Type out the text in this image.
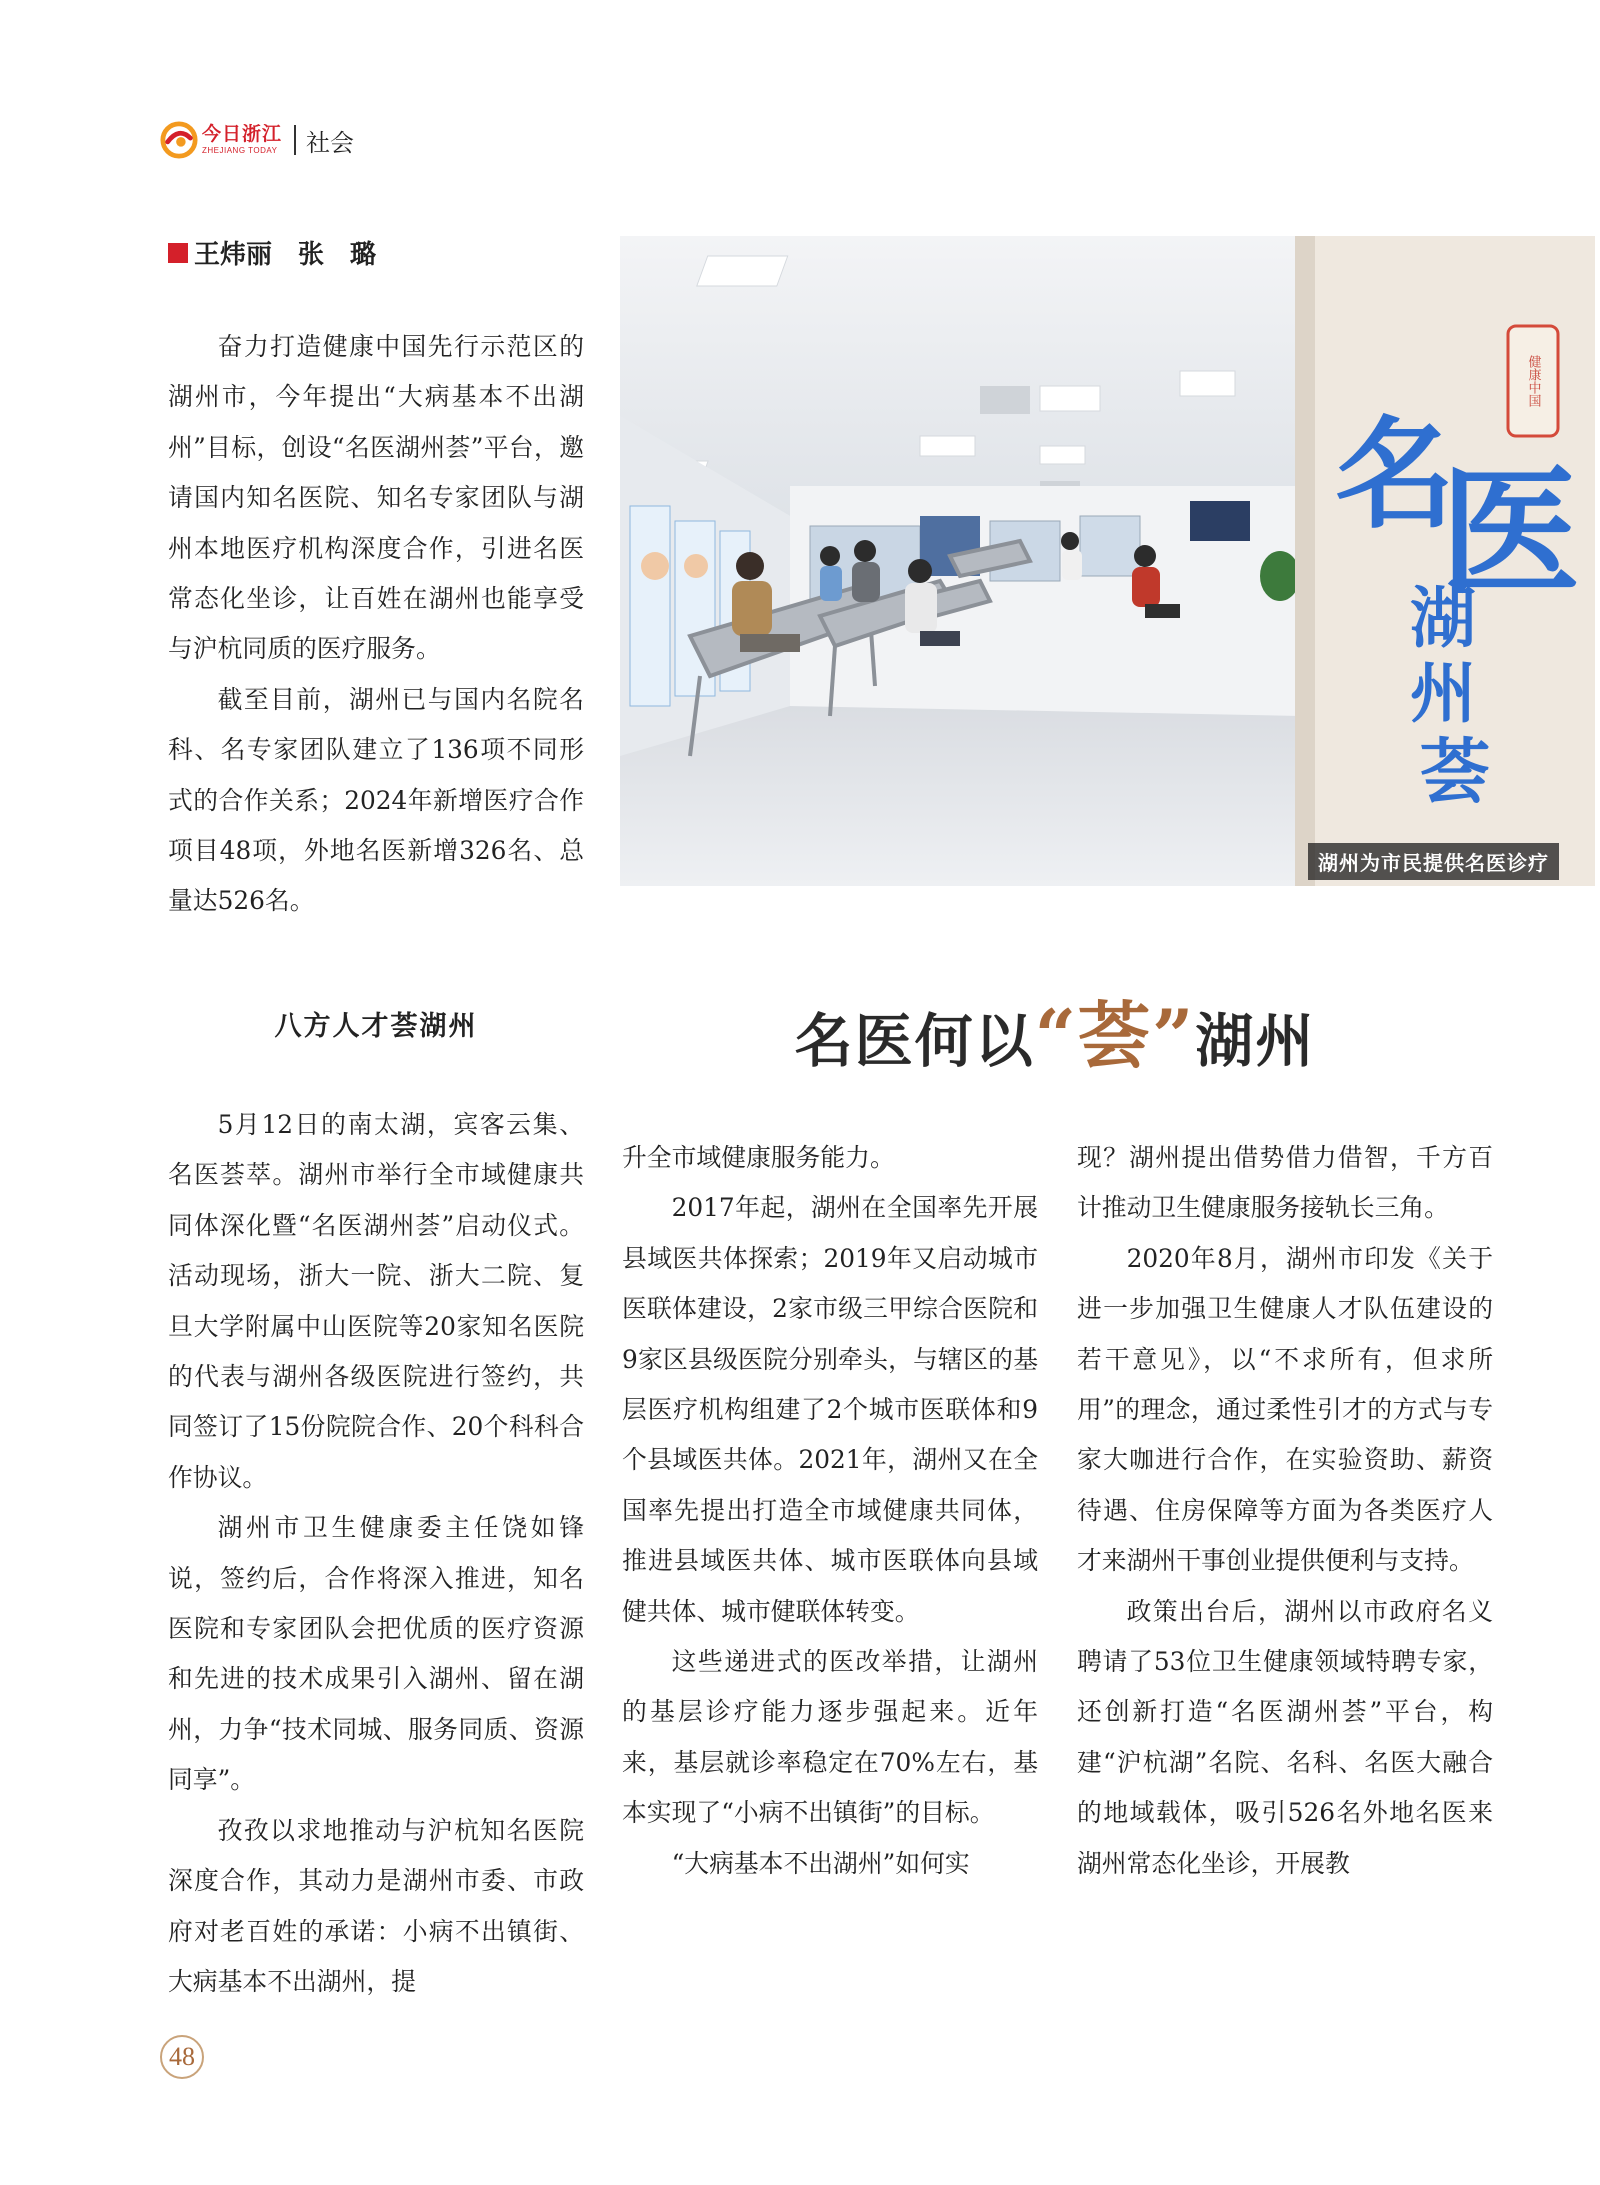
今日浙江
ZHEJIANG TODAY 社会
王炜丽　张　璐

奋力打造健康中国先行示范区的湖州市，今年提出“大病基本不出湖州”目标，创设“名医湖州荟”平台，邀请国内知名医院、知名专家团队与湖州本地医疗机构深度合作，引进名医常态化坐诊，让百姓在湖州也能享受与沪杭同质的医疗服务。

截至目前，湖州已与国内名院名科、名专家团队建立了136项不同形式的合作关系；2024年新增医疗合作项目48项，外地名医新增326名、总量达526名。

健康中国
名
医
湖
州
荟
湖州为市民提供名医诊疗
名医何以“荟”湖州
八方人才荟湖州

5月12日的南太湖，宾客云集、名医荟萃。湖州市举行全市域健康共同体深化暨“名医湖州荟”启动仪式。活动现场，浙大一院、浙大二院、复旦大学附属中山医院等20家知名医院的代表与湖州各级医院进行签约，共同签订了15份院院合作、20个科科合作协议。

湖州市卫生健康委主任饶如锋说，签约后，合作将深入推进，知名医院和专家团队会把优质的医疗资源和先进的技术成果引入湖州、留在湖州，力争“技术同城、服务同质、资源同享”。

孜孜以求地推动与沪杭知名医院深度合作，其动力是湖州市委、市政府对老百姓的承诺：小病不出镇街、大病基本不出湖州，提

升全市域健康服务能力。

2017年起，湖州在全国率先开展县域医共体探索；2019年又启动城市医联体建设，2家市级三甲综合医院和9家区县级医院分别牵头，与辖区的基层医疗机构组建了2个城市医联体和9个县域医共体。2021年，湖州又在全国率先提出打造全市域健康共同体，推进县域医共体、城市医联体向县域健共体、城市健联体转变。

这些递进式的医改举措，让湖州的基层诊疗能力逐步强起来。近年来，基层就诊率稳定在70%左右，基本实现了“小病不出镇街”的目标。

“大病基本不出湖州”如何实

现？湖州提出借势借力借智，千方百计推动卫生健康服务接轨长三角。

2020年8月，湖州市印发《关于进一步加强卫生健康人才队伍建设的若干意见》，以“不求所有，但求所用”的理念，通过柔性引才的方式与专家大咖进行合作，在实验资助、薪资待遇、住房保障等方面为各类医疗人才来湖州干事创业提供便利与支持。

政策出台后，湖州以市政府名义聘请了53位卫生健康领域特聘专家，还创新打造“名医湖州荟”平台，构建“沪杭湖”名院、名科、名医大融合的地域载体，吸引526名外地名医来湖州常态化坐诊，开展教

48
